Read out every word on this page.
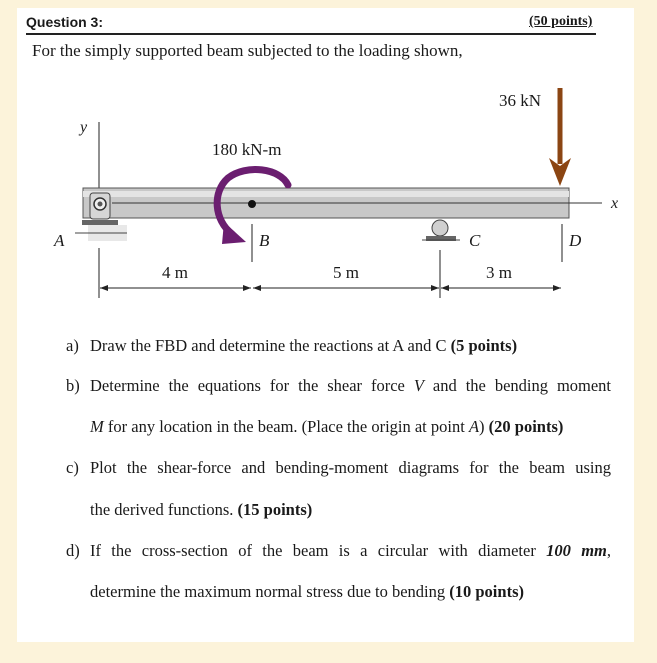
Question 3:	(50 points)
For the simply supported beam subjected to the loading shown,
y
x
A	C
B
180 kN-m
D
36 kN
4 m	5 m	3 m
a) Draw the FBD and determine the reactions at A and C (5 points)
b) Determine the equations for the shear force V and the bending moment
M for any location in the beam. (Place the origin at point A) (20 points)
c) Plot the shear-force and bending-moment diagrams for the beam using
the derived functions. (15 points)
d) If the cross-section of the beam is a circular with diameter 100 mm,
determine the maximum normal stress due to bending (10 points)
